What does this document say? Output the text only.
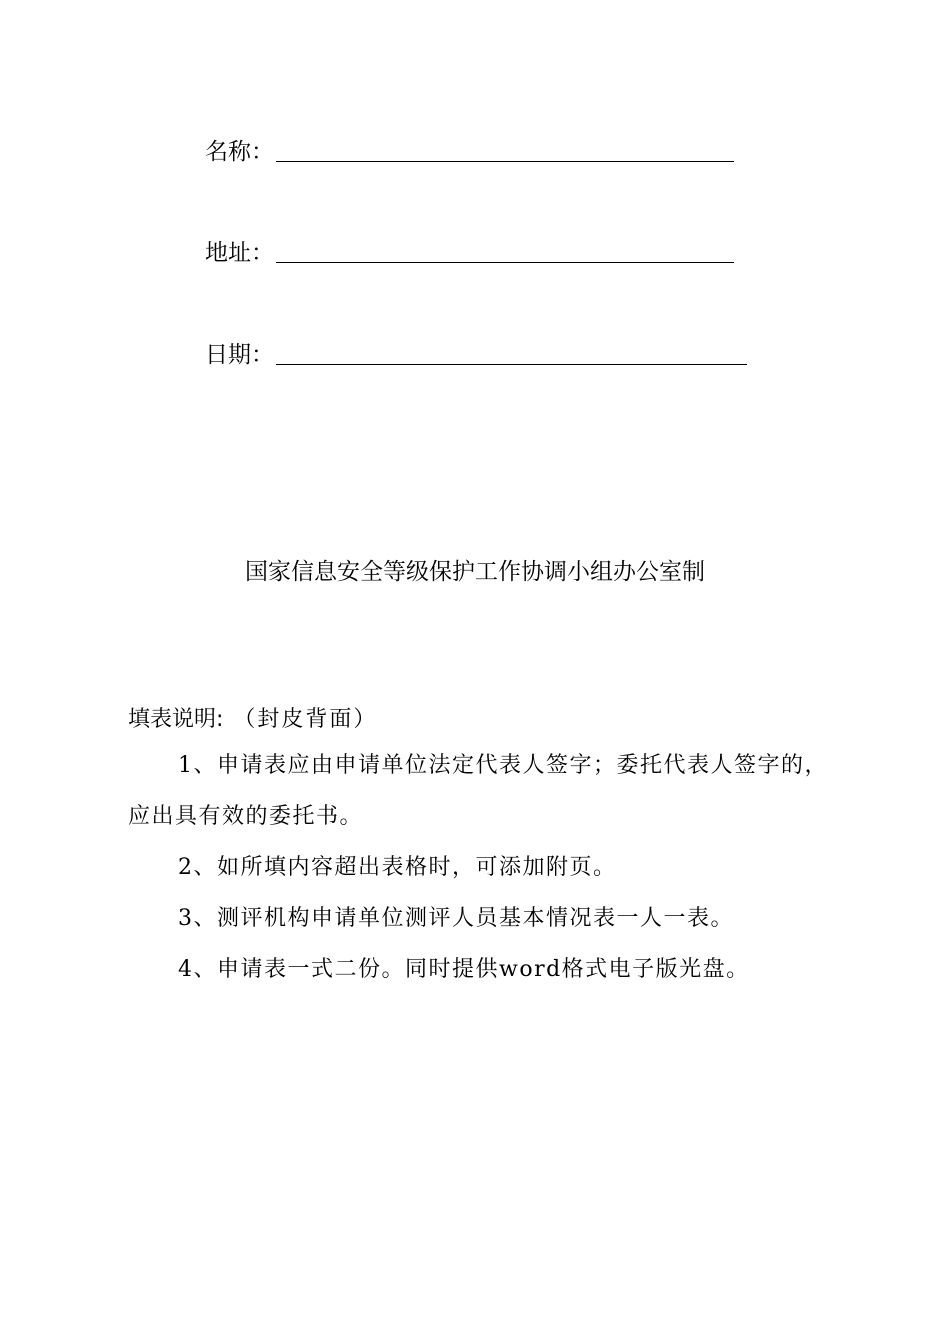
名称：
地址：
日期：
国家信息安全等级保护工作协调小组办公室制
填表说明: （封皮背面）

1、申请表应由申请单位法定代表人签字；委托代表人签字的，应出具有效的委托书。

2、如所填内容超出表格时，可添加附页。

3、测评机构申请单位测评人员基本情况表一人一表。

4、申请表一式二份。同时提供word格式电子版光盘。
